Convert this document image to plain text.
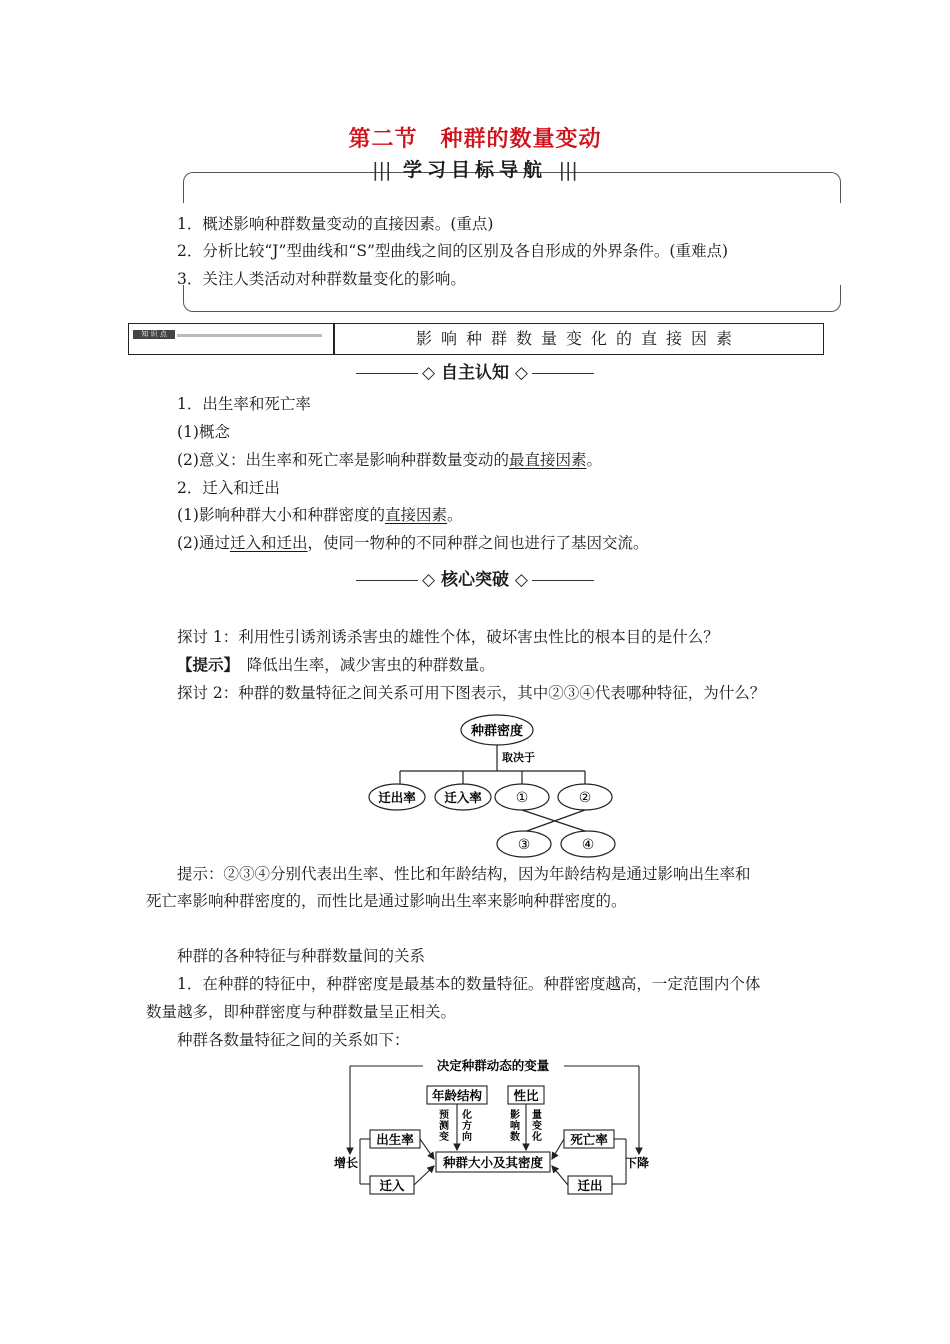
第二节　种群的数量变动
||| 学习目标导航 |||
1．概述影响种群数量变动的直接因素。(重点)
2．分析比较“J”型曲线和“S”型曲线之间的区别及各自形成的外界条件。(重难点)
3．关注人类活动对种群数量变化的影响。
知 识 点	影响种群数量变化的直接因素
◇ 自主认知 ◇
1．出生率和死亡率
(1)概念
(2)意义：出生率和死亡率是影响种群数量变动的最直接因素。
2．迁入和迁出
(1)影响种群大小和种群密度的直接因素。
(2)通过迁入和迁出，使同一物种的不同种群之间也进行了基因交流。
◇ 核心突破 ◇
探讨 1：利用性引诱剂诱杀害虫的雄性个体，破坏害虫性比的根本目的是什么？
【提示】　 降低出生率，减少害虫的种群数量。
探讨 2：种群的数量特征之间关系可用下图表示，其中②③④代表哪种特征，为什么？
种群密度
取决于
迁出率 迁入率 ①	②
③	④
提示：②③④分别代表出生率、性比和年龄结构，因为年龄结构是通过影响出生率和
死亡率影响种群密度的，而性比是通过影响出生率来影响种群密度的。
种群的各种特征与种群数量间的关系
1．在种群的特征中，种群密度是最基本的数量特征。种群密度越高，一定范围内个体
数量越多，即种群密度与种群数量呈正相关。
种群各数量特征之间的关系如下：
决定种群动态的变量
增长	下降
年龄结构
预
测
变
化
方
向
性比
影
响
数
量
变
化
种群大小及其密度
出生率
迁入
死亡率
迁出
